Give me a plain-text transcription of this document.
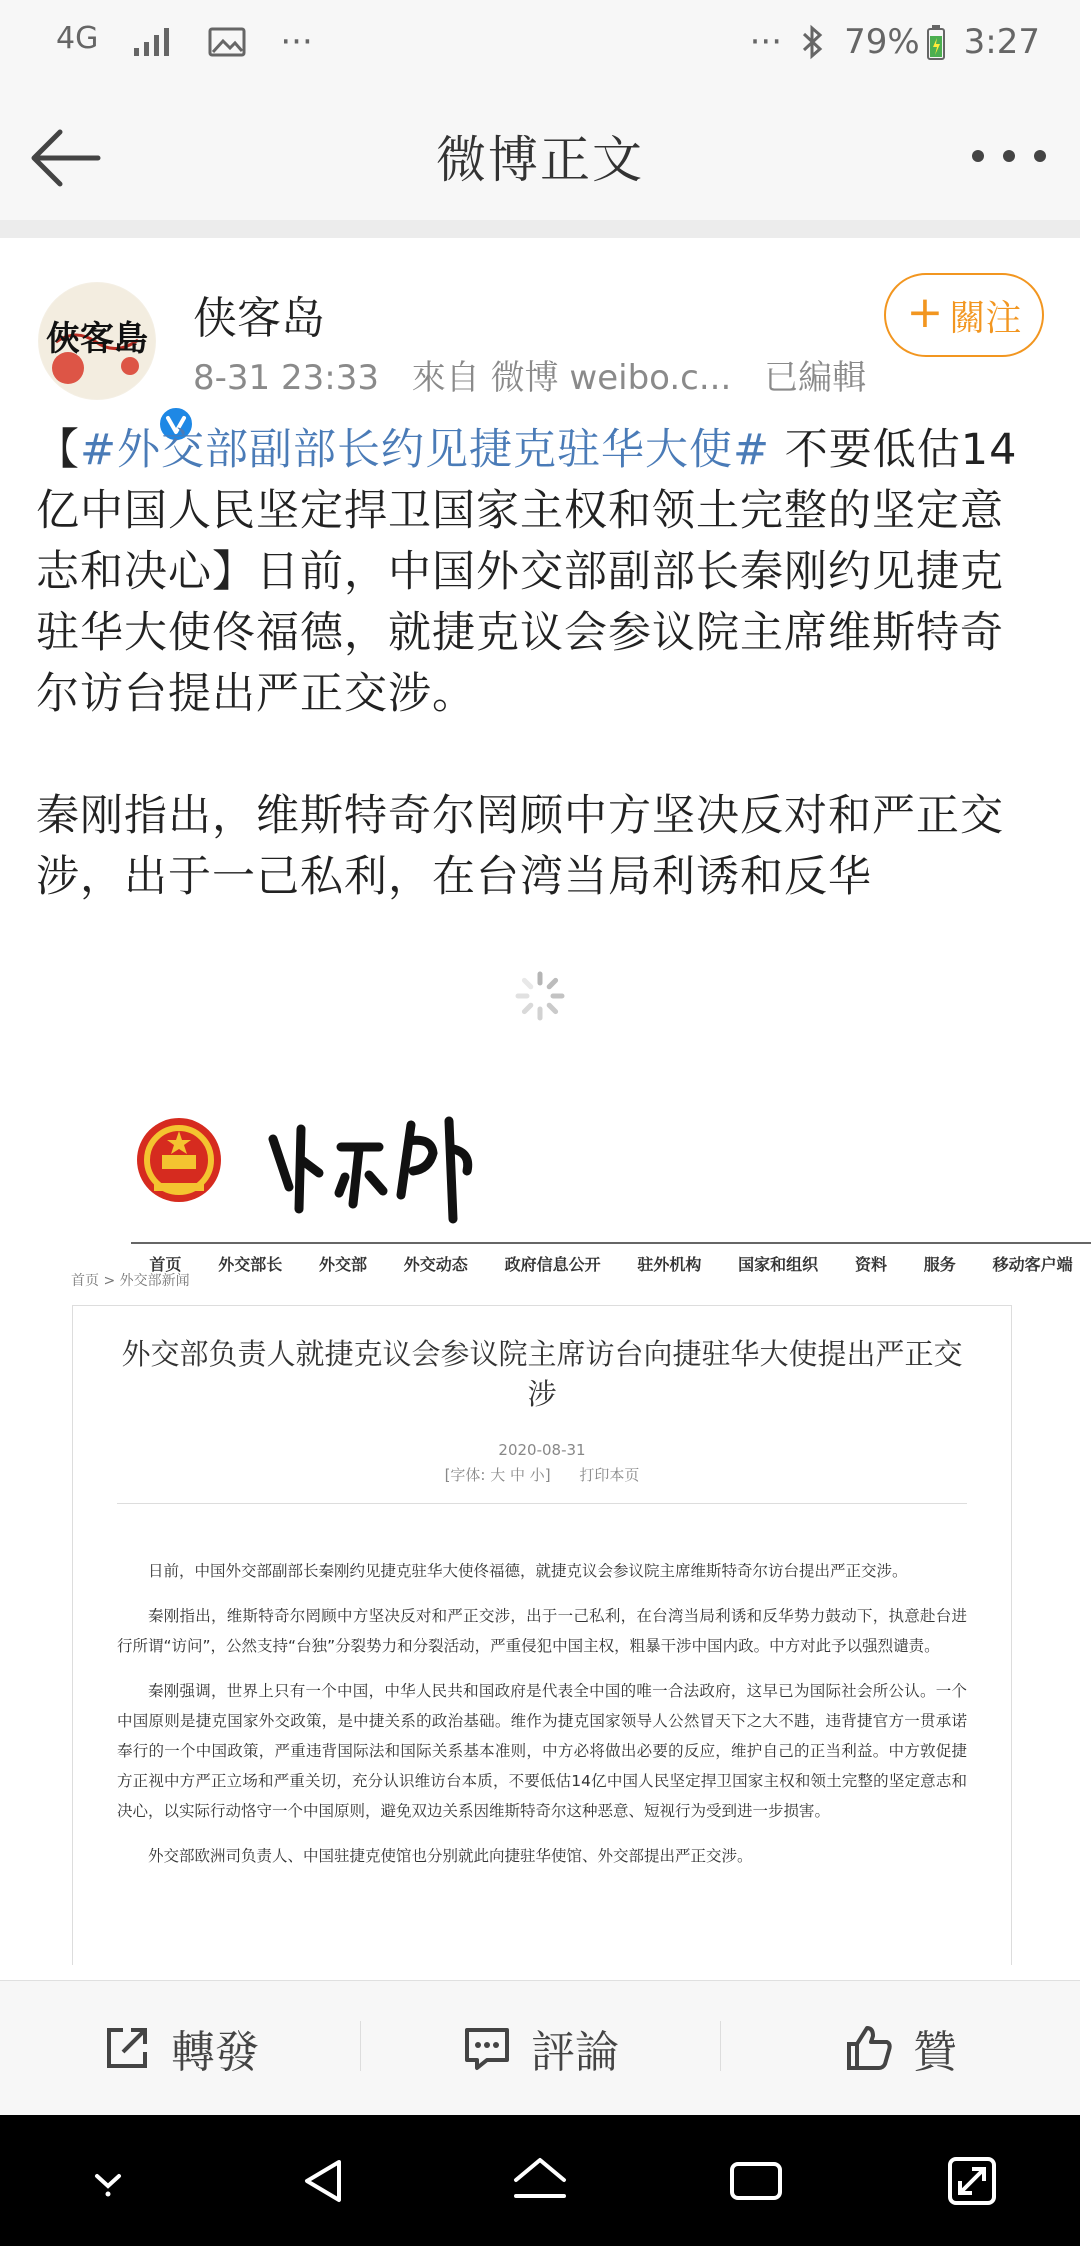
4G	···	··· 79% 3:27
微博正文
俠客島 侠客岛
8-31 23:33 來自 微博 weibo.c... 已編輯
+ 關注

【#外交部副部长约见捷克驻华大使# 不要低估14亿中国人民坚定捍卫国家主权和领土完整的坚定意志和决心】日前，中国外交部副部长秦刚约见捷克驻华大使佟福德，就捷克议会参议院主席维斯特奇尔访台提出严正交涉。

秦刚指出，维斯特奇尔罔顾中方坚决反对和严正交涉，出于一己私利，在台湾当局利诱和反华

首页 外交部长 外交部 外交动态 政府信息公开 驻外机构 国家和组织 资料 服务 移动客户端
首页 > 外交部新闻
外交部负责人就捷克议会参议院主席访台向捷驻华大使提出严正交涉
2020-08-31
[字体: 大 中 小] 打印本页

日前，中国外交部副部长秦刚约见捷克驻华大使佟福德，就捷克议会参议院主席维斯特奇尔访台提出严正交涉。

秦刚指出，维斯特奇尔罔顾中方坚决反对和严正交涉，出于一己私利，在台湾当局利诱和反华势力鼓动下，执意赴台进行所谓“访问”，公然支持“台独”分裂势力和分裂活动，严重侵犯中国主权，粗暴干涉中国内政。中方对此予以强烈谴责。

秦刚强调，世界上只有一个中国，中华人民共和国政府是代表全中国的唯一合法政府，这早已为国际社会所公认。一个中国原则是捷克国家外交政策，是中捷关系的政治基础。维作为捷克国家领导人公然冒天下之大不韪，违背捷官方一贯承诺奉行的一个中国政策，严重违背国际法和国际关系基本准则，中方必将做出必要的反应，维护自己的正当利益。中方敦促捷方正视中方严正立场和严重关切，充分认识维访台本质，不要低估14亿中国人民坚定捍卫国家主权和领土完整的坚定意志和决心，以实际行动恪守一个中国原则，避免双边关系因维斯特奇尔这种恶意、短视行为受到进一步损害。

外交部欧洲司负责人、中国驻捷克使馆也分别就此向捷驻华使馆、外交部提出严正交涉。

轉發	評論	贊
